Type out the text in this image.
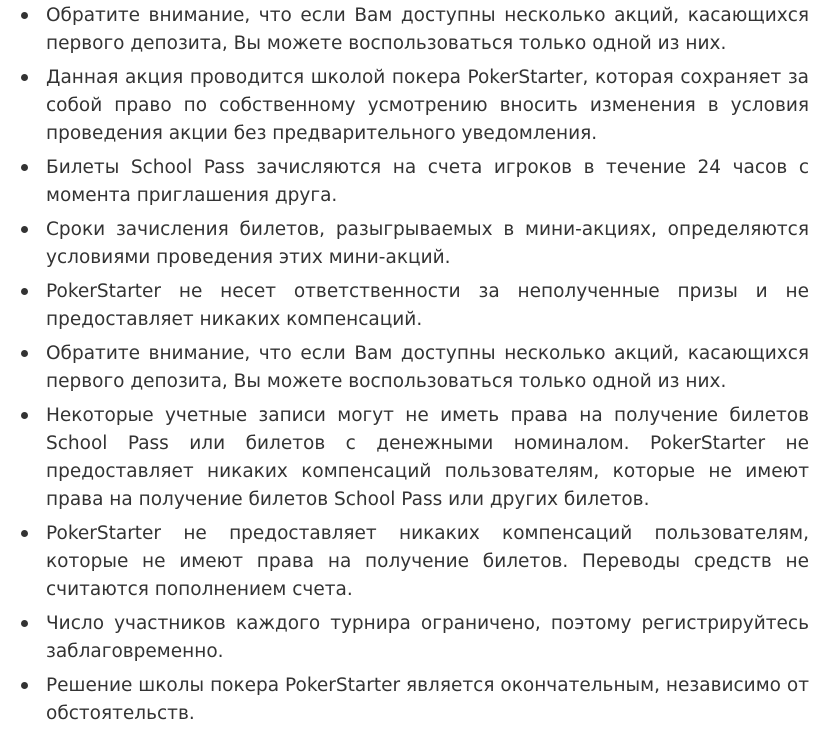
Обратите внимание, что если Вам доступны несколько акций, касающихся первого депозита, Вы можете воспользоваться только одной из них.
Данная акция проводится школой покера PokerStarter, которая сохраняет за собой право по собственному усмотрению вносить изменения в условия проведения акции без предварительного уведомления.
Билеты School Pass зачисляются на счета игроков в течение 24 часов с момента приглашения друга.
Сроки зачисления билетов, разыгрываемых в мини-акциях, определяются условиями проведения этих мини-акций.
PokerStarter не несет ответственности за неполученные призы и не предоставляет никаких компенсаций.
Обратите внимание, что если Вам доступны несколько акций, касающихся первого депозита, Вы можете воспользоваться только одной из них.
Некоторые учетные записи могут не иметь права на получение билетов School Pass или билетов с денежными номиналом. PokerStarter не предоставляет никаких компенсаций пользователям, которые не имеют права на получение билетов School Pass или других билетов.
PokerStarter не предоставляет никаких компенсаций пользователям, которые не имеют права на получение билетов. Переводы средств не считаются пополнением счета.
Число участников каждого турнира ограничено, поэтому регистрируйтесь заблаговременно.
Решение школы покера PokerStarter является окончательным, независимо от обстоятельств.
